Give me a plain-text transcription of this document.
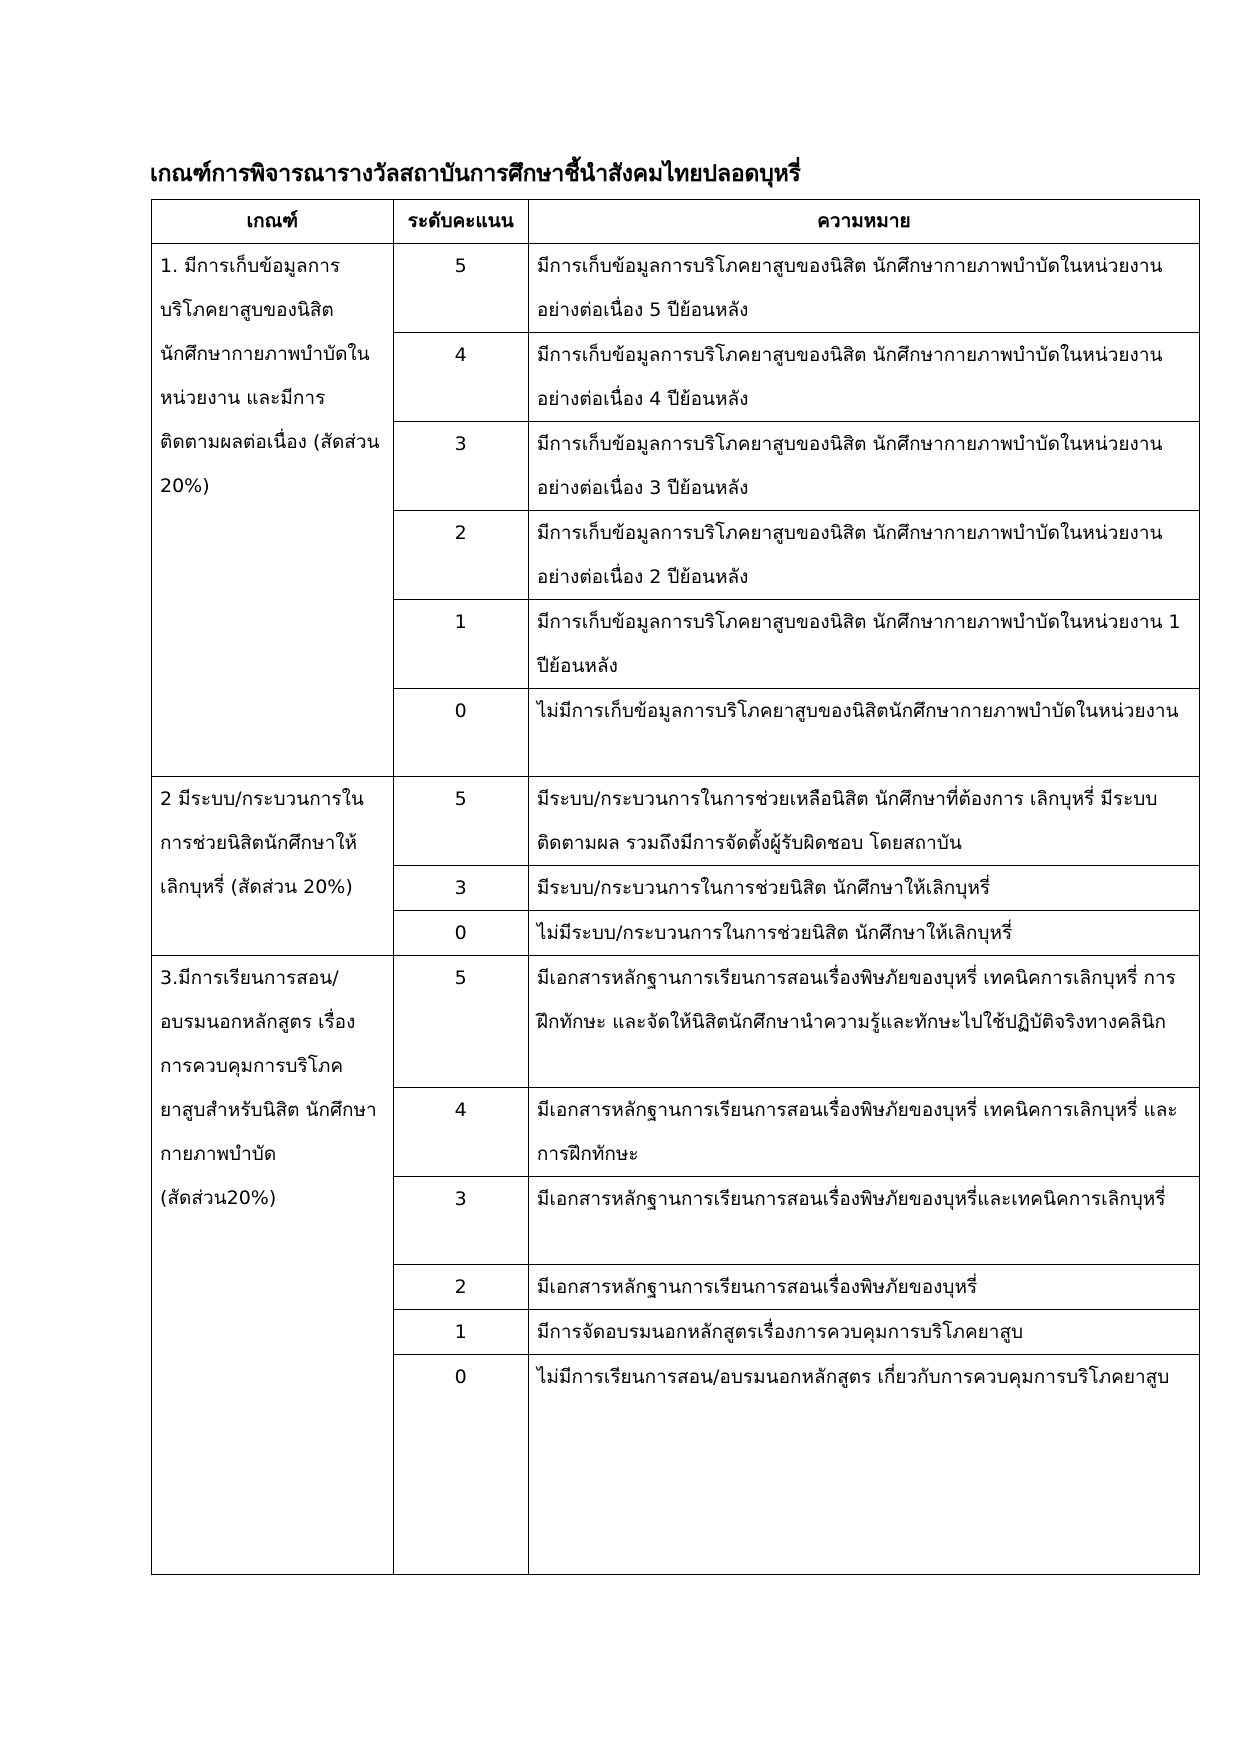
เกณฑ์การพิจารณารางวัลสถาบันการศึกษาชี้นำสังคมไทยปลอดบุหรี่
เกณฑ์	ระดับคะแนน	ความหมาย
1. มีการเก็บข้อมูลการบริโภคยาสูบของนิสิต นักศึกษากายภาพบำบัดในหน่วยงาน และมีการติดตามผลต่อเนื่อง (สัดส่วน 20%)	5	มีการเก็บข้อมูลการบริโภคยาสูบของนิสิต นักศึกษากายภาพบำบัดในหน่วยงานอย่างต่อเนื่อง 5 ปีย้อนหลัง
	4	มีการเก็บข้อมูลการบริโภคยาสูบของนิสิต นักศึกษากายภาพบำบัดในหน่วยงานอย่างต่อเนื่อง 4 ปีย้อนหลัง
	3	มีการเก็บข้อมูลการบริโภคยาสูบของนิสิต นักศึกษากายภาพบำบัดในหน่วยงานอย่างต่อเนื่อง 3 ปีย้อนหลัง
	2	มีการเก็บข้อมูลการบริโภคยาสูบของนิสิต นักศึกษากายภาพบำบัดในหน่วยงานอย่างต่อเนื่อง 2 ปีย้อนหลัง
	1	มีการเก็บข้อมูลการบริโภคยาสูบของนิสิต นักศึกษากายภาพบำบัดในหน่วยงาน 1 ปีย้อนหลัง
	0	ไม่มีการเก็บข้อมูลการบริโภคยาสูบของนิสิตนักศึกษากายภาพบำบัดในหน่วยงาน
2 มีระบบ/กระบวนการในการช่วยนิสิตนักศึกษาให้เลิกบุหรี่ (สัดส่วน 20%)	5	มีระบบ/กระบวนการในการช่วยเหลือนิสิต นักศึกษาที่ต้องการ เลิกบุหรี่ มีระบบติดตามผล รวมถึงมีการจัดตั้งผู้รับผิดชอบ โดยสถาบัน
	3	มีระบบ/กระบวนการในการช่วยนิสิต นักศึกษาให้เลิกบุหรี่
	0	ไม่มีระบบ/กระบวนการในการช่วยนิสิต นักศึกษาให้เลิกบุหรี่
3.มีการเรียนการสอน/อบรมนอกหลักสูตร เรื่องการควบคุมการบริโภคยาสูบสำหรับนิสิต นักศึกษากายภาพบำบัด (สัดส่วน20%)	5	มีเอกสารหลักฐานการเรียนการสอนเรื่องพิษภัยของบุหรี่ เทคนิคการเลิกบุหรี่ การฝึกทักษะ และจัดให้นิสิตนักศึกษานำความรู้และทักษะไปใช้ปฏิบัติจริงทางคลินิก
	4	มีเอกสารหลักฐานการเรียนการสอนเรื่องพิษภัยของบุหรี่ เทคนิคการเลิกบุหรี่ และการฝึกทักษะ
	3	มีเอกสารหลักฐานการเรียนการสอนเรื่องพิษภัยของบุหรี่และเทคนิคการเลิกบุหรี่
	2	มีเอกสารหลักฐานการเรียนการสอนเรื่องพิษภัยของบุหรี่
	1	มีการจัดอบรมนอกหลักสูตรเรื่องการควบคุมการบริโภคยาสูบ
	0	ไม่มีการเรียนการสอน/อบรมนอกหลักสูตร เกี่ยวกับการควบคุมการบริโภคยาสูบ
